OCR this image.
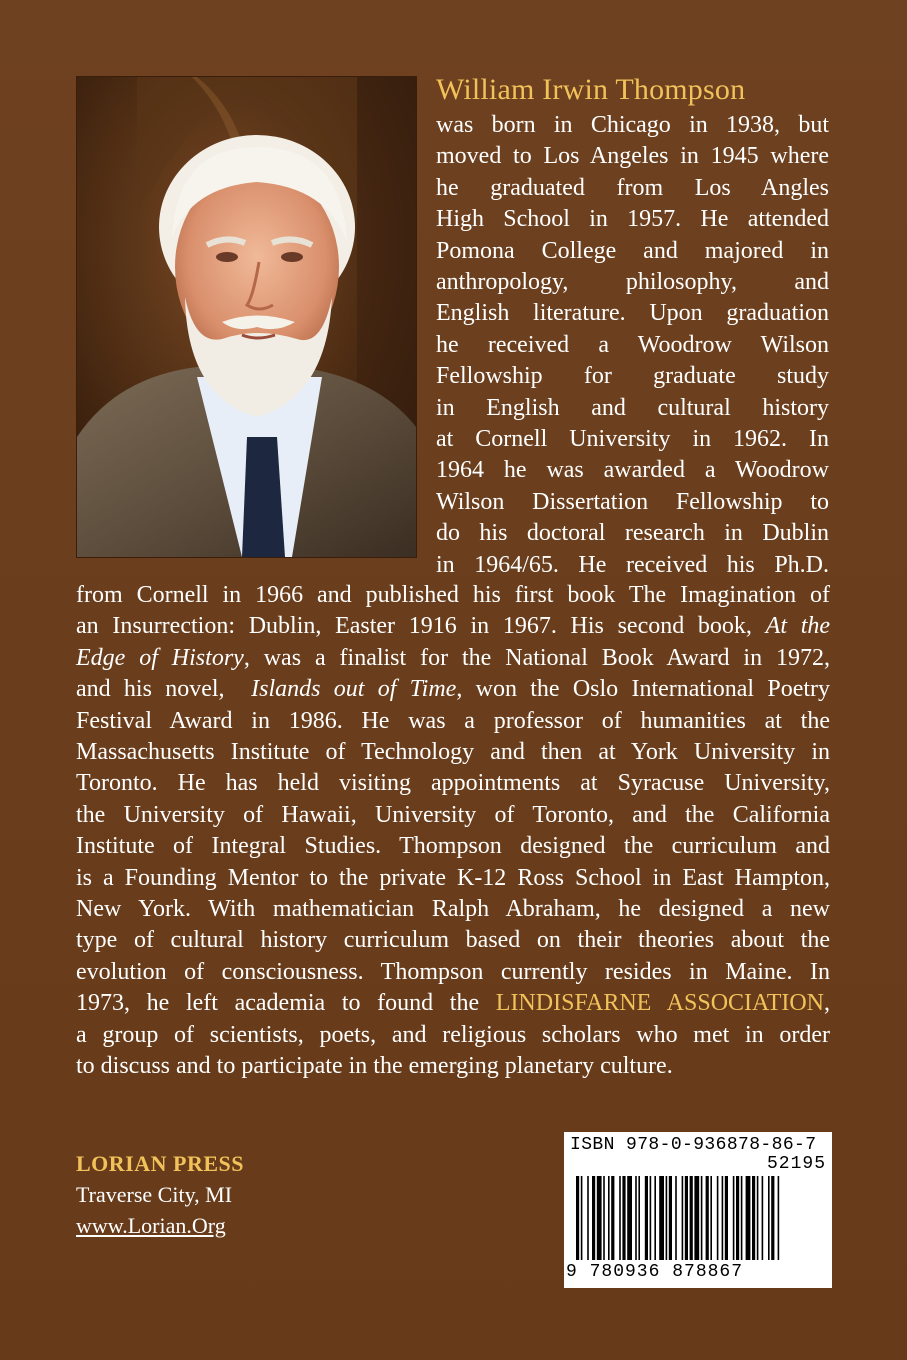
William Irwin Thompson
was born in Chicago in 1938, but
moved to Los Angeles in 1945 where
he graduated from Los Angles
High School in 1957. He attended
Pomona College and majored in
anthropology, philosophy, and
English literature. Upon graduation
he received a Woodrow Wilson
Fellowship for graduate study
in English and cultural history
at Cornell University in 1962. In
1964 he was awarded a Woodrow
Wilson Dissertation Fellowship to
do his doctoral research in Dublin
in 1964/65. He received his Ph.D.
from Cornell in 1966 and published his first book The Imagination of
an Insurrection: Dublin, Easter 1916 in 1967. His second book, At the
Edge of History, was a finalist for the National Book Award in 1972,
and his novel, Islands out of Time, won the Oslo International Poetry
Festival Award in 1986. He was a professor of humanities at the
Massachusetts Institute of Technology and then at York University in
Toronto. He has held visiting appointments at Syracuse University,
the University of Hawaii, University of Toronto, and the California
Institute of Integral Studies. Thompson designed the curriculum and
is a Founding Mentor to the private K-12 Ross School in East Hampton,
New York. With mathematician Ralph Abraham, he designed a new
type of cultural history curriculum based on their theories about the
evolution of consciousness. Thompson currently resides in Maine. In
1973, he left academia to found the LINDISFARNE ASSOCIATION,
a group of scientists, poets, and religious scholars who met in order
to discuss and to participate in the emerging planetary culture.
LORIAN PRESS
Traverse City, MI
www.Lorian.Org
ISBN 978-0-936878-86-7
52195
9 780936 878867
